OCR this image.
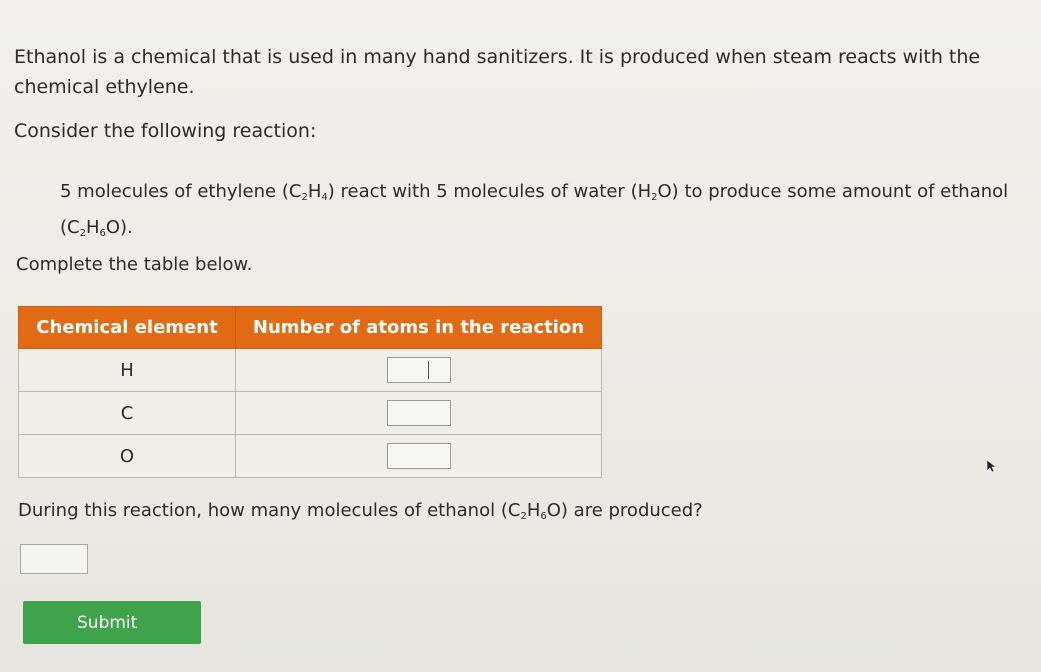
Ethanol is a chemical that is used in many hand sanitizers. It is produced when steam reacts with the chemical ethylene.

Consider the following reaction:

5 molecules of ethylene $(C_2H_4)$ react with 5 molecules of water $(H_2O)$ to produce some amount of ethanol $(C_2H_6O)$.

Complete the table below.

Chemical element	Number of atoms in the reaction
H	
C	
O	

During this reaction, how many molecules of ethanol $(C_2H_6O)$ are produced?

Submit
